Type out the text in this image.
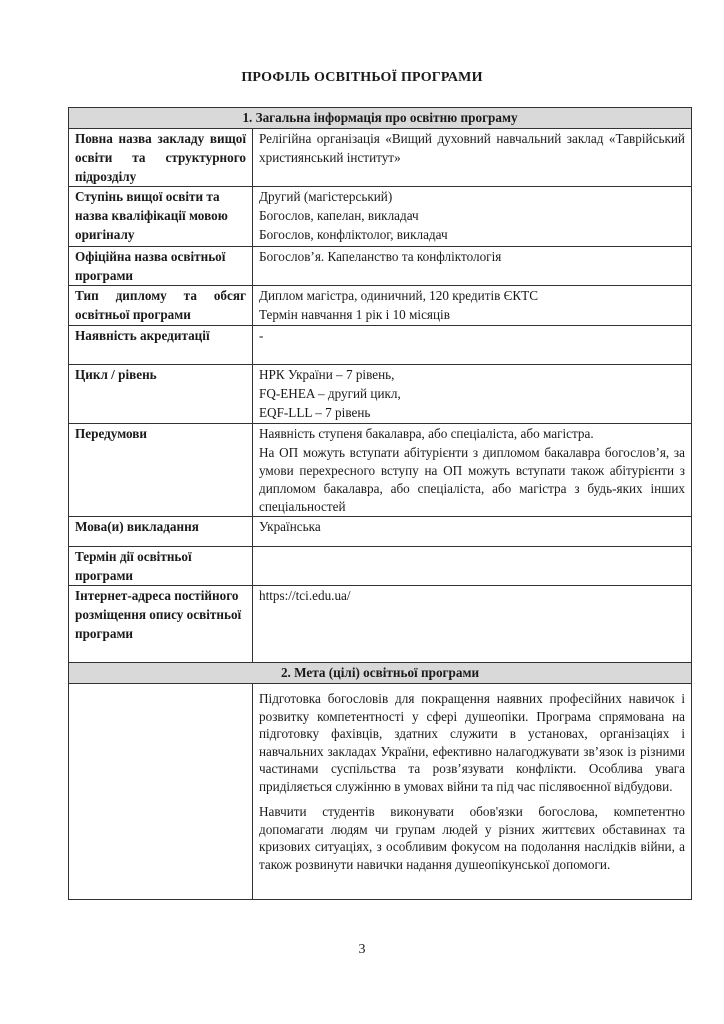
ПРОФІЛЬ ОСВІТНЬОЇ ПРОГРАМИ
1. Загальна інформація про освітню програму	
Повна назва закладу вищої освіти та структурного підрозділу	Релігійна організація «Вищий духовний навчальний заклад «Таврійський християнський інститут»

Ступінь вищої освіти та назва кваліфікації мовою оригіналу	Другий (магістерський)
Богослов, капелан, викладач
Богослов, конфліктолог, викладач

Офіційна назва освітньої програми	Богослов’я. Капеланство та конфліктологія

Тип диплому та обсяг освітньої програми	Диплом магістра, одиничний, 120 кредитів ЄКТС
Термін навчання 1 рік і 10 місяців

Наявність акредитації	-

Цикл / рівень	НРК України – 7 рівень,
FQ-EHEA – другий цикл,
EQF-LLL – 7 рівень

Передумови	Наявність ступеня бакалавра, або спеціаліста, або магістра.
На ОП можуть вступати абітурієнти з дипломом бакалавра богослов’я, за умови перехресного вступу на ОП можуть вступати також абітурієнти з дипломом бакалавра, або спеціаліста, або магістра з будь-яких інших спеціальностей

Мова(и) викладання	Українська

Термін дії освітньої програми	

Інтернет-адреса постійного розміщення опису освітньої програми	https://tci.edu.ua/

2. Мета (цілі) освітньої програми	

	Підготовка богословів для покращення наявних професійних навичок і розвитку компетентності у сфері душеопіки. Програма спрямована на підготовку фахівців, здатних служити в установах, організаціях і навчальних закладах України, ефективно налагоджувати зв’язок із різними частинами суспільства та розв’язувати конфлікти. Особлива увага приділяється служінню в умовах війни та під час післявоєнної відбудови.

Навчити студентів виконувати обов'язки богослова, компетентно допомагати людям чи групам людей у різних життєвих обставинах та кризових ситуаціях, з особливим фокусом на подолання наслідків війни, а також розвинути навички надання душеопікунської допомоги.

3
